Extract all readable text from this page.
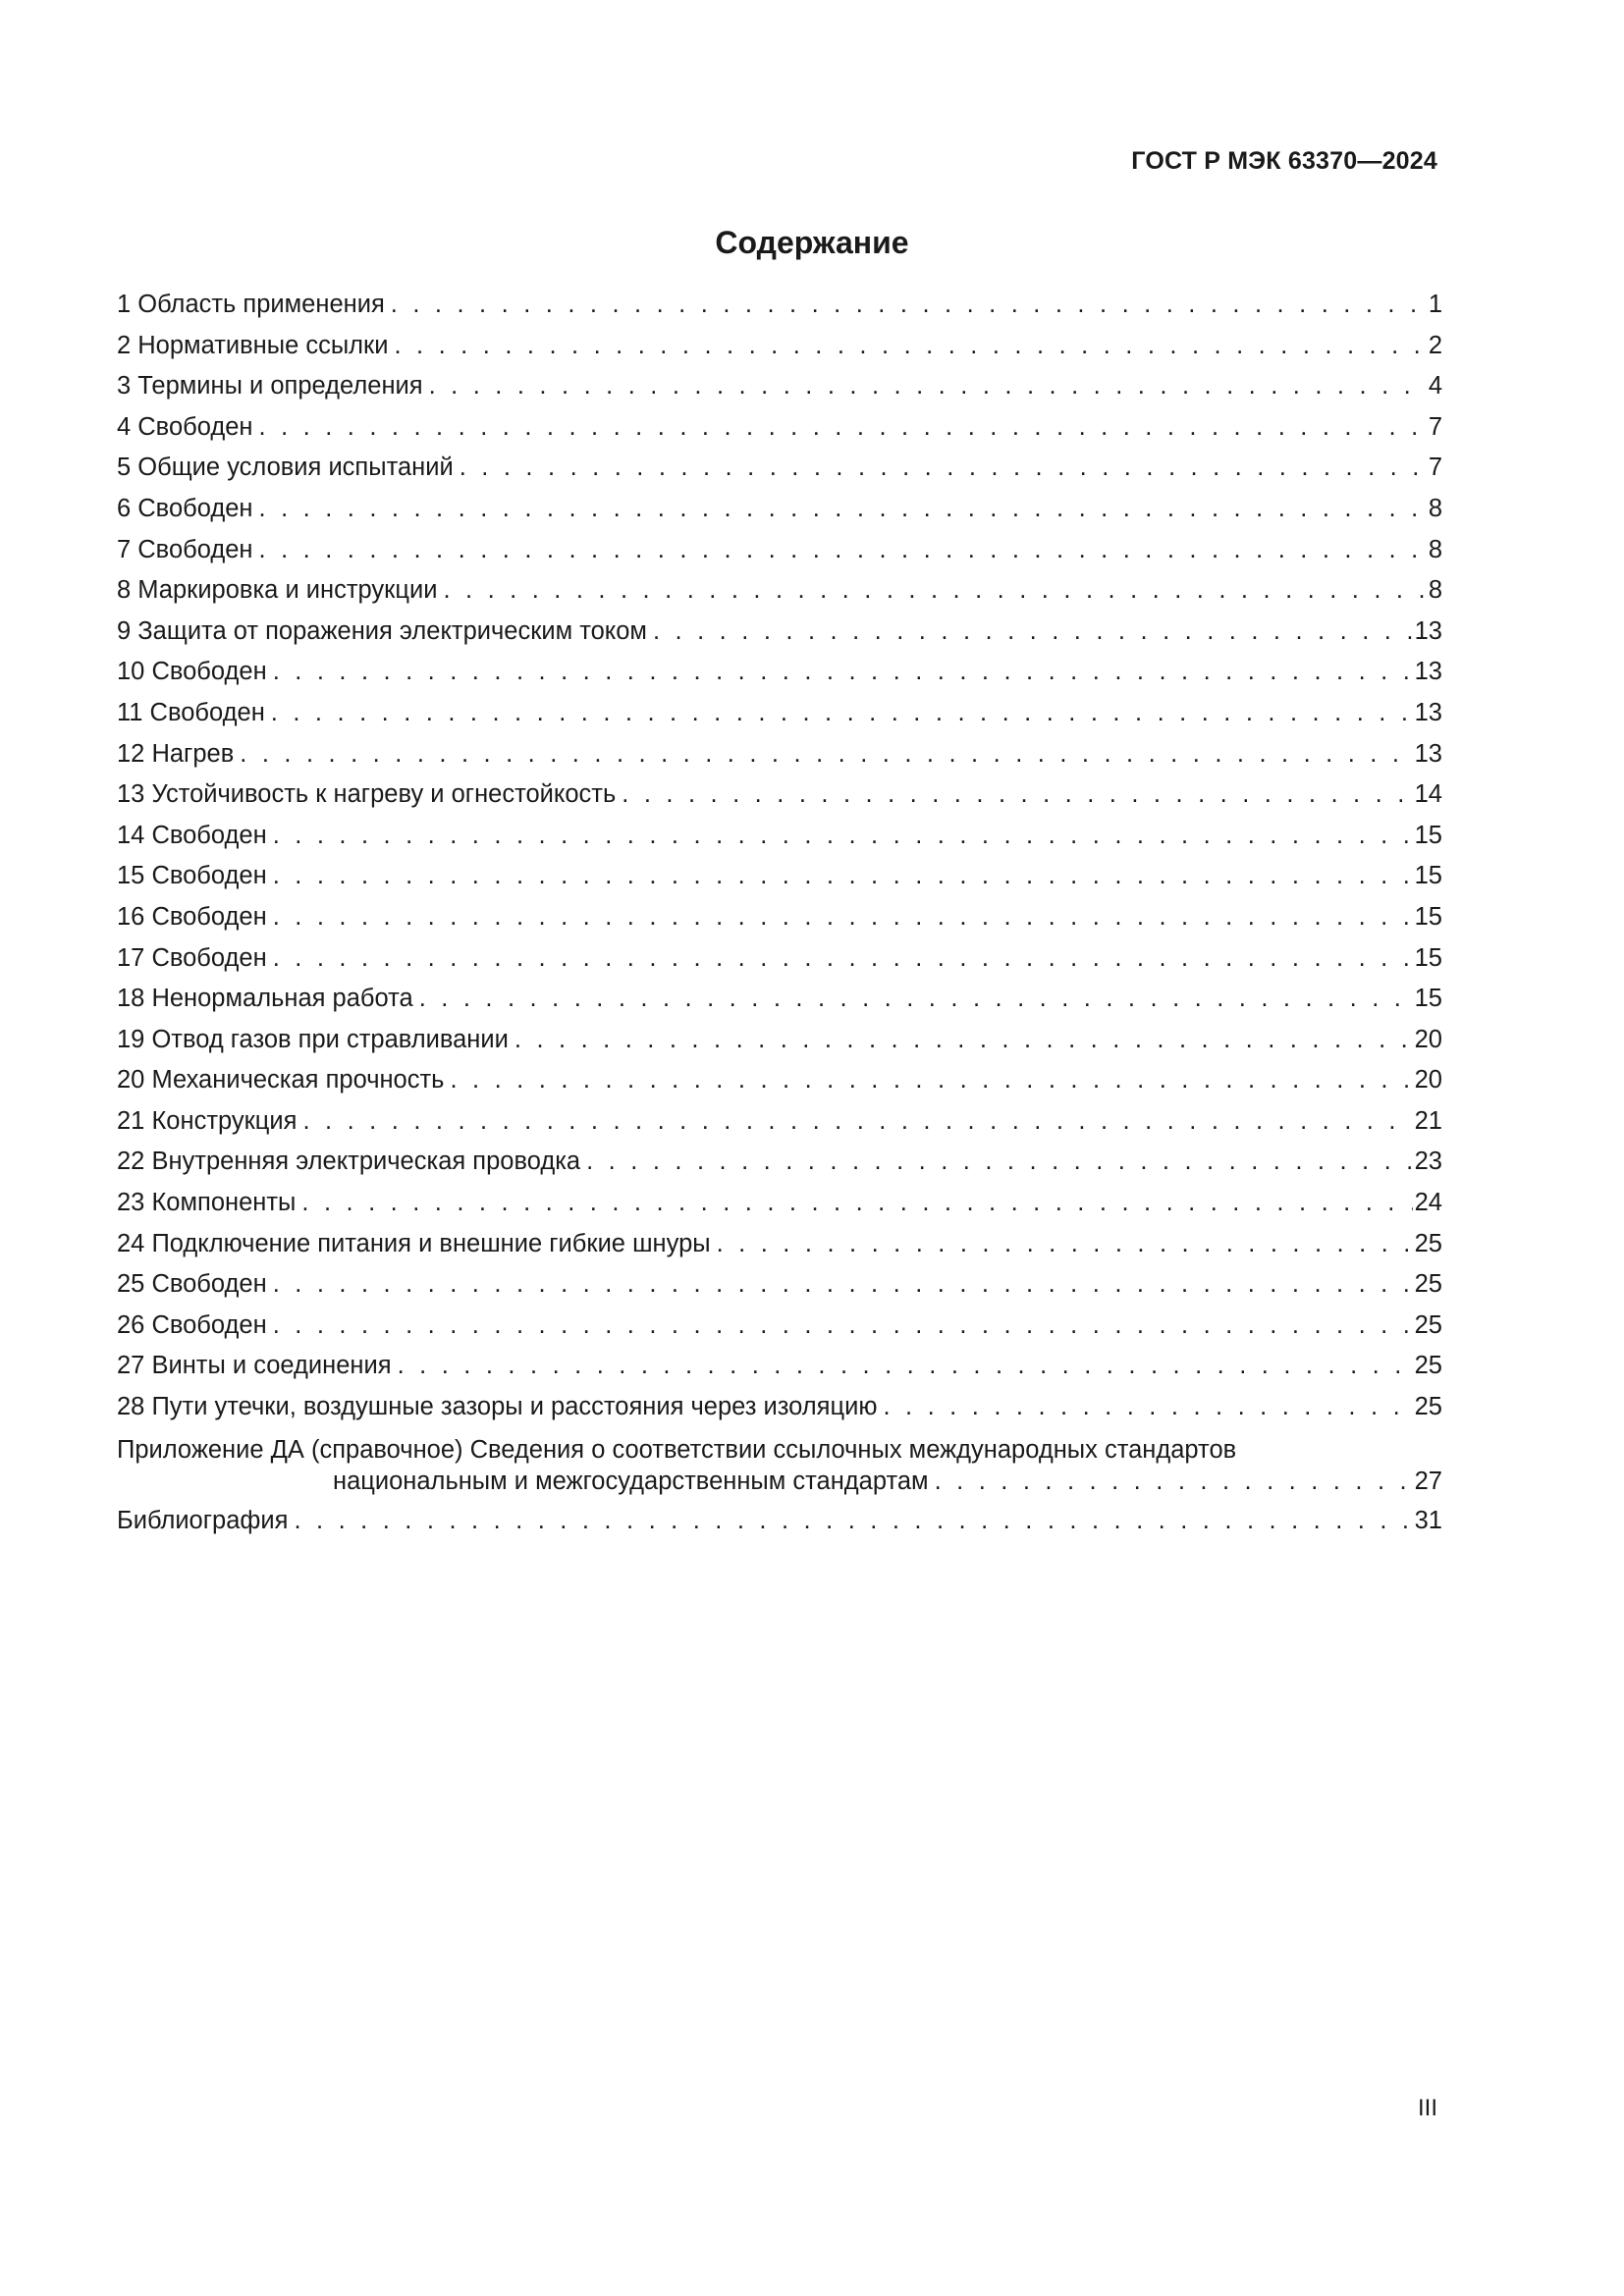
ГОСТ Р МЭК 63370—2024
Содержание
1 Область применения . . .	1
2 Нормативные ссылки . . .	2
3 Термины и определения . . .	4
4 Свободен . . .	7
5 Общие условия испытаний . . .	7
6 Свободен . . .	8
7 Свободен . . .	8
8 Маркировка и инструкции . . .	8
9 Защита от поражения электрическим током . . .	13
10 Свободен . . .	13
11 Свободен . . .	13
12 Нагрев . . .	13
13 Устойчивость к нагреву и огнестойкость . . .	14
14 Свободен . . .	15
15 Свободен . . .	15
16 Свободен . . .	15
17 Свободен . . .	15
18 Ненормальная работа . . .	15
19 Отвод газов при стравливании . . .	20
20 Механическая прочность . . .	20
21 Конструкция . . .	21
22 Внутренняя электрическая проводка . . .	23
23 Компоненты . . .	24
24 Подключение питания и внешние гибкие шнуры . . .	25
25 Свободен . . .	25
26 Свободен . . .	25
27 Винты и соединения . . .	25
28 Пути утечки, воздушные зазоры и расстояния через изоляцию . . .	25
Приложение ДА (справочное) Сведения о соответствии ссылочных международных стандартов
национальным и межгосударственным стандартам . . .	27
Библиография . . .	31
III
